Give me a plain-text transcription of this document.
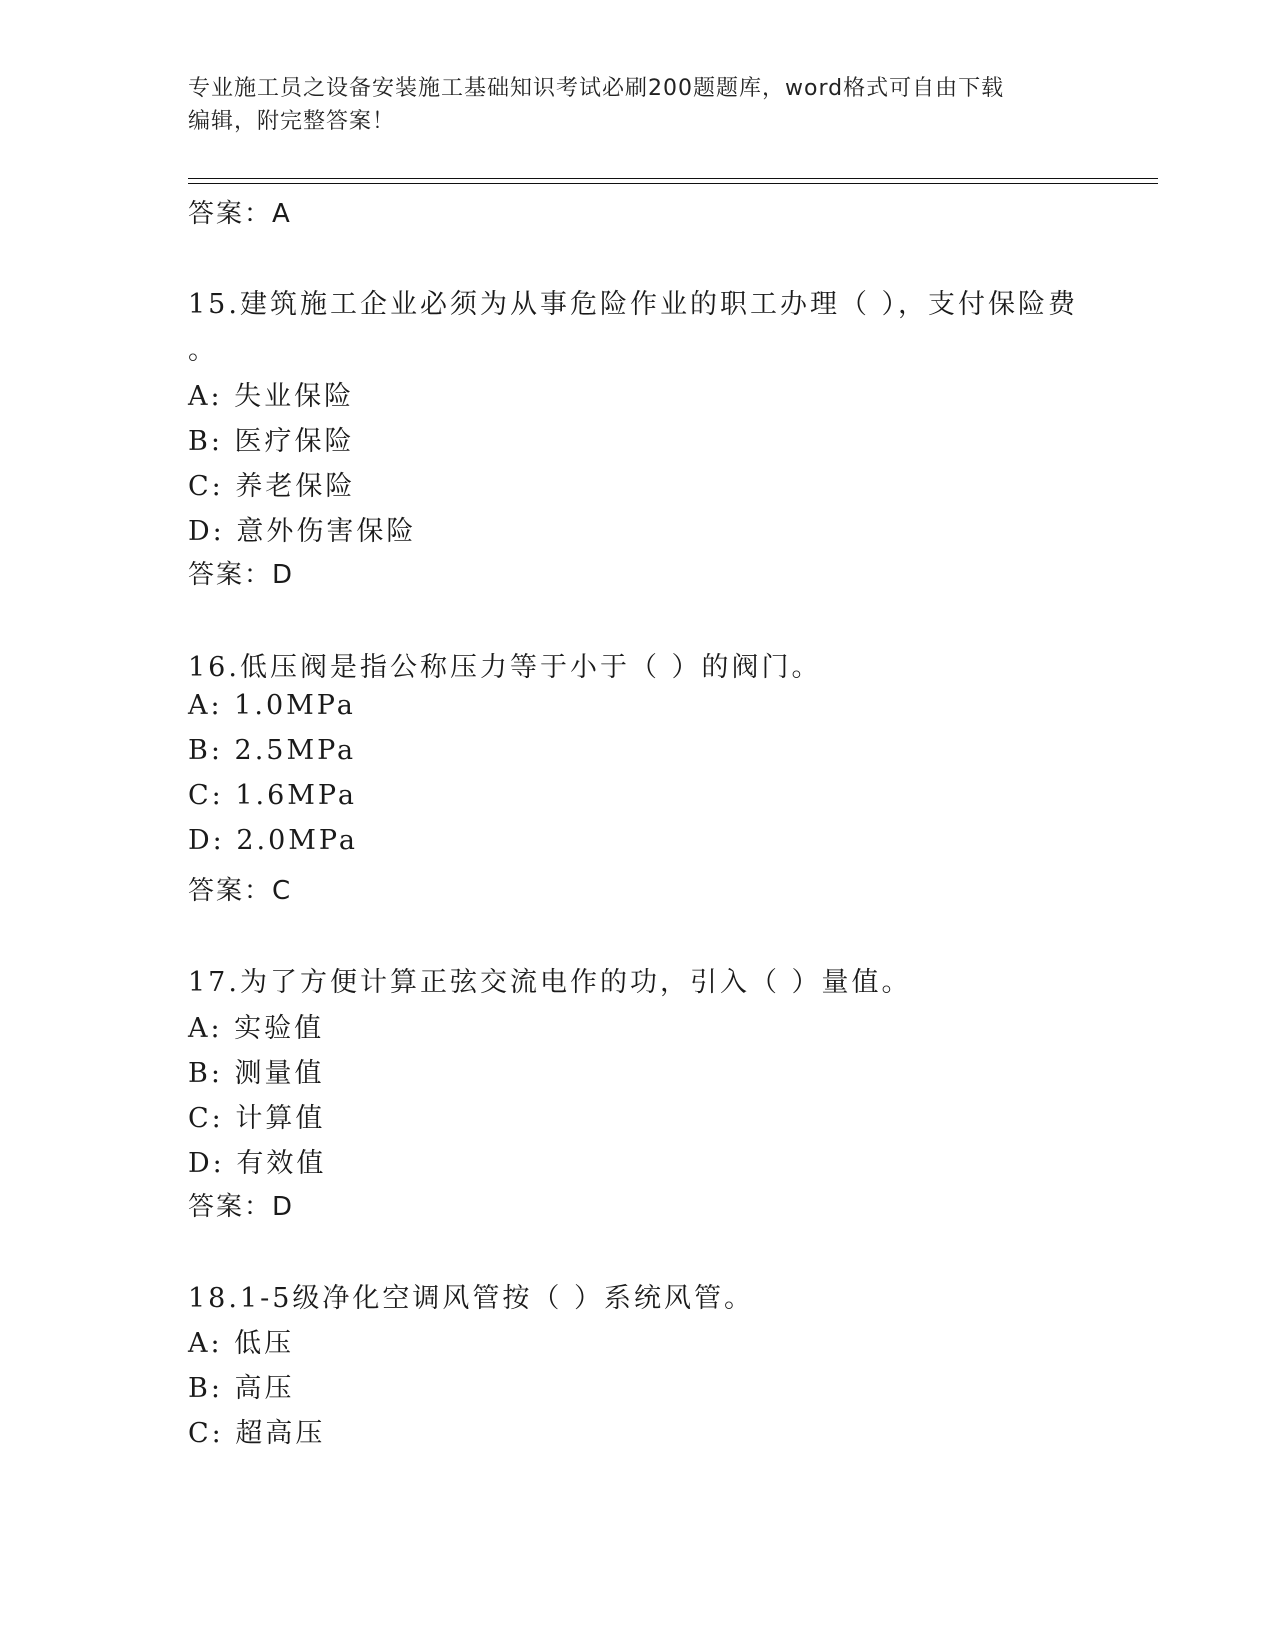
专业施工员之设备安装施工基础知识考试必刷200题题库，word格式可自由下载
编辑，附完整答案！
答案：A
15.建筑施工企业必须为从事危险作业的职工办理（ ），支付保险费
。
A: 失业保险
B: 医疗保险
C: 养老保险
D: 意外伤害保险
答案：D
16.低压阀是指公称压力等于小于（ ）的阀门。
A: 1.0MPa
B: 2.5MPa
C: 1.6MPa
D: 2.0MPa
答案：C
17.为了方便计算正弦交流电作的功，引入（ ）量值。
A: 实验值
B: 测量值
C: 计算值
D: 有效值
答案：D
18.1-5级净化空调风管按（ ）系统风管。
A: 低压
B: 高压
C: 超高压
